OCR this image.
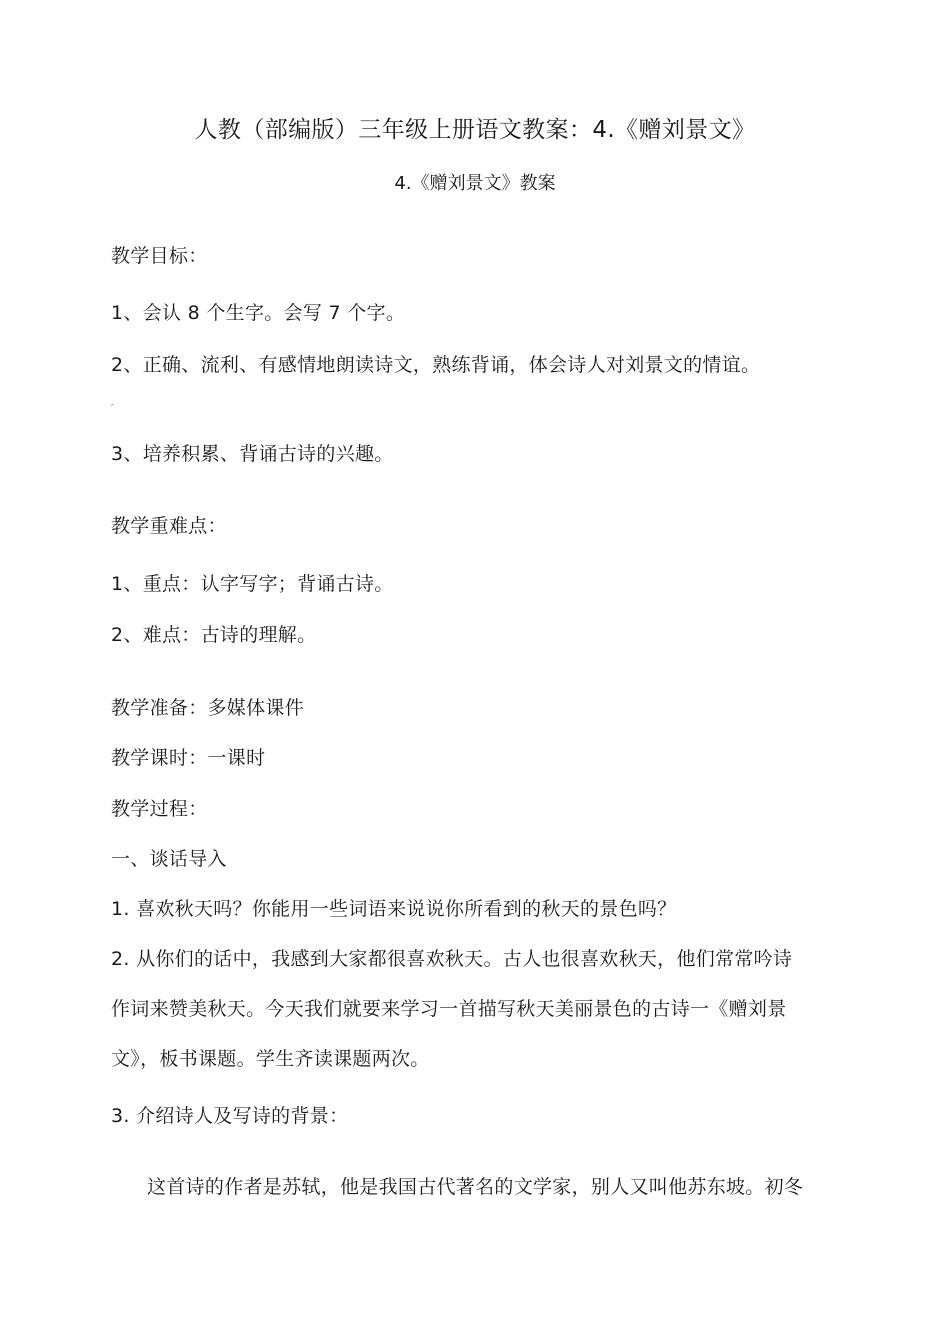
人教（部编版）三年级上册语文教案：4.《赠刘景文》
4.《赠刘景文》教案
教学目标：
1、会认 8 个生字。会写 7 个字。
2、正确、流利、有感情地朗读诗文，熟练背诵，体会诗人对刘景文的情谊。
′
3、培养积累、背诵古诗的兴趣。
教学重难点：
1、重点：认字写字；背诵古诗。
2、难点：古诗的理解。
教学准备：多媒体课件
教学课时：一课时
教学过程：
一、谈话导入
1. 喜欢秋天吗？你能用一些词语来说说你所看到的秋天的景色吗？
2. 从你们的话中，我感到大家都很喜欢秋天。古人也很喜欢秋天，他们常常吟诗
作词来赞美秋天。今天我们就要来学习一首描写秋天美丽景色的古诗一《赠刘景
文》，板书课题。学生齐读课题两次。
3. 介绍诗人及写诗的背景：
这首诗的作者是苏轼，他是我国古代著名的文学家，别人又叫他苏东坡。初冬
